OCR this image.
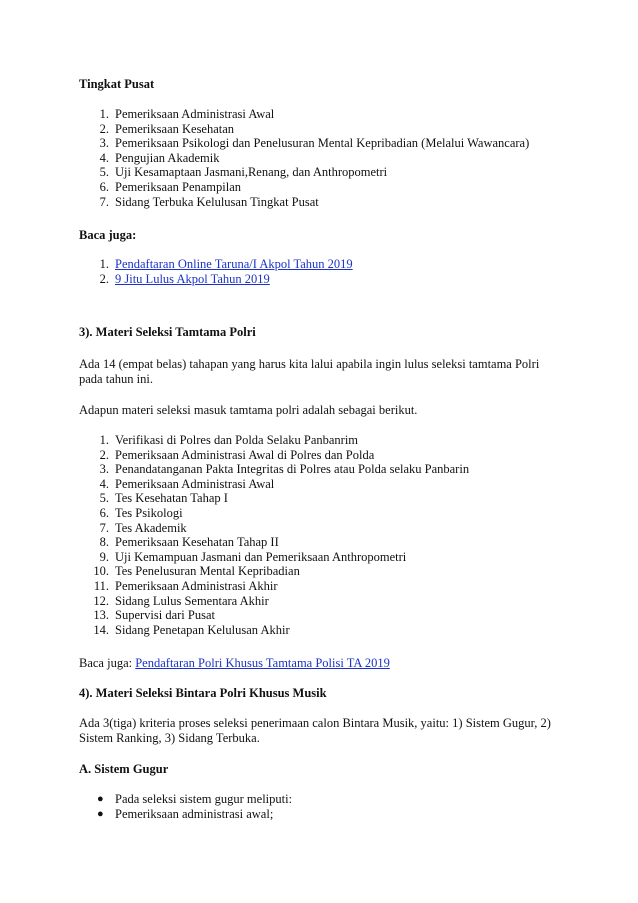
Tingkat Pusat

1. Pemeriksaan Administrasi Awal
2. Pemeriksaan Kesehatan
3. Pemeriksaan Psikologi dan Penelusuran Mental Kepribadian (Melalui Wawancara)
4. Pengujian Akademik
5. Uji Kesamaptaan Jasmani,Renang, dan Anthropometri
6. Pemeriksaan Penampilan
7. Sidang Terbuka Kelulusan Tingkat Pusat

Baca juga:

1. Pendaftaran Online Taruna/I Akpol Tahun 2019
2. 9 Jitu Lulus Akpol Tahun 2019

3). Materi Seleksi Tamtama Polri

Ada 14 (empat belas) tahapan yang harus kita lalui apabila ingin lulus seleksi tamtama Polri pada tahun ini.

Adapun materi seleksi masuk tamtama polri adalah sebagai berikut.

1. Verifikasi di Polres dan Polda Selaku Panbanrim
2. Pemeriksaan Administrasi Awal di Polres dan Polda
3. Penandatanganan Pakta Integritas di Polres atau Polda selaku Panbarin
4. Pemeriksaan Administrasi Awal
5. Tes Kesehatan Tahap I
6. Tes Psikologi
7. Tes Akademik
8. Pemeriksaan Kesehatan Tahap II
9. Uji Kemampuan Jasmani dan Pemeriksaan Anthropometri
10. Tes Penelusuran Mental Kepribadian
11. Pemeriksaan Administrasi Akhir
12. Sidang Lulus Sementara Akhir
13. Supervisi dari Pusat
14. Sidang Penetapan Kelulusan Akhir

Baca juga: Pendaftaran Polri Khusus Tamtama Polisi TA 2019

4). Materi Seleksi Bintara Polri Khusus Musik

Ada 3(tiga) kriteria proses seleksi penerimaan calon Bintara Musik, yaitu: 1) Sistem Gugur, 2) Sistem Ranking, 3) Sidang Terbuka.

A. Sistem Gugur

● Pada seleksi sistem gugur meliputi:
● Pemeriksaan administrasi awal;
